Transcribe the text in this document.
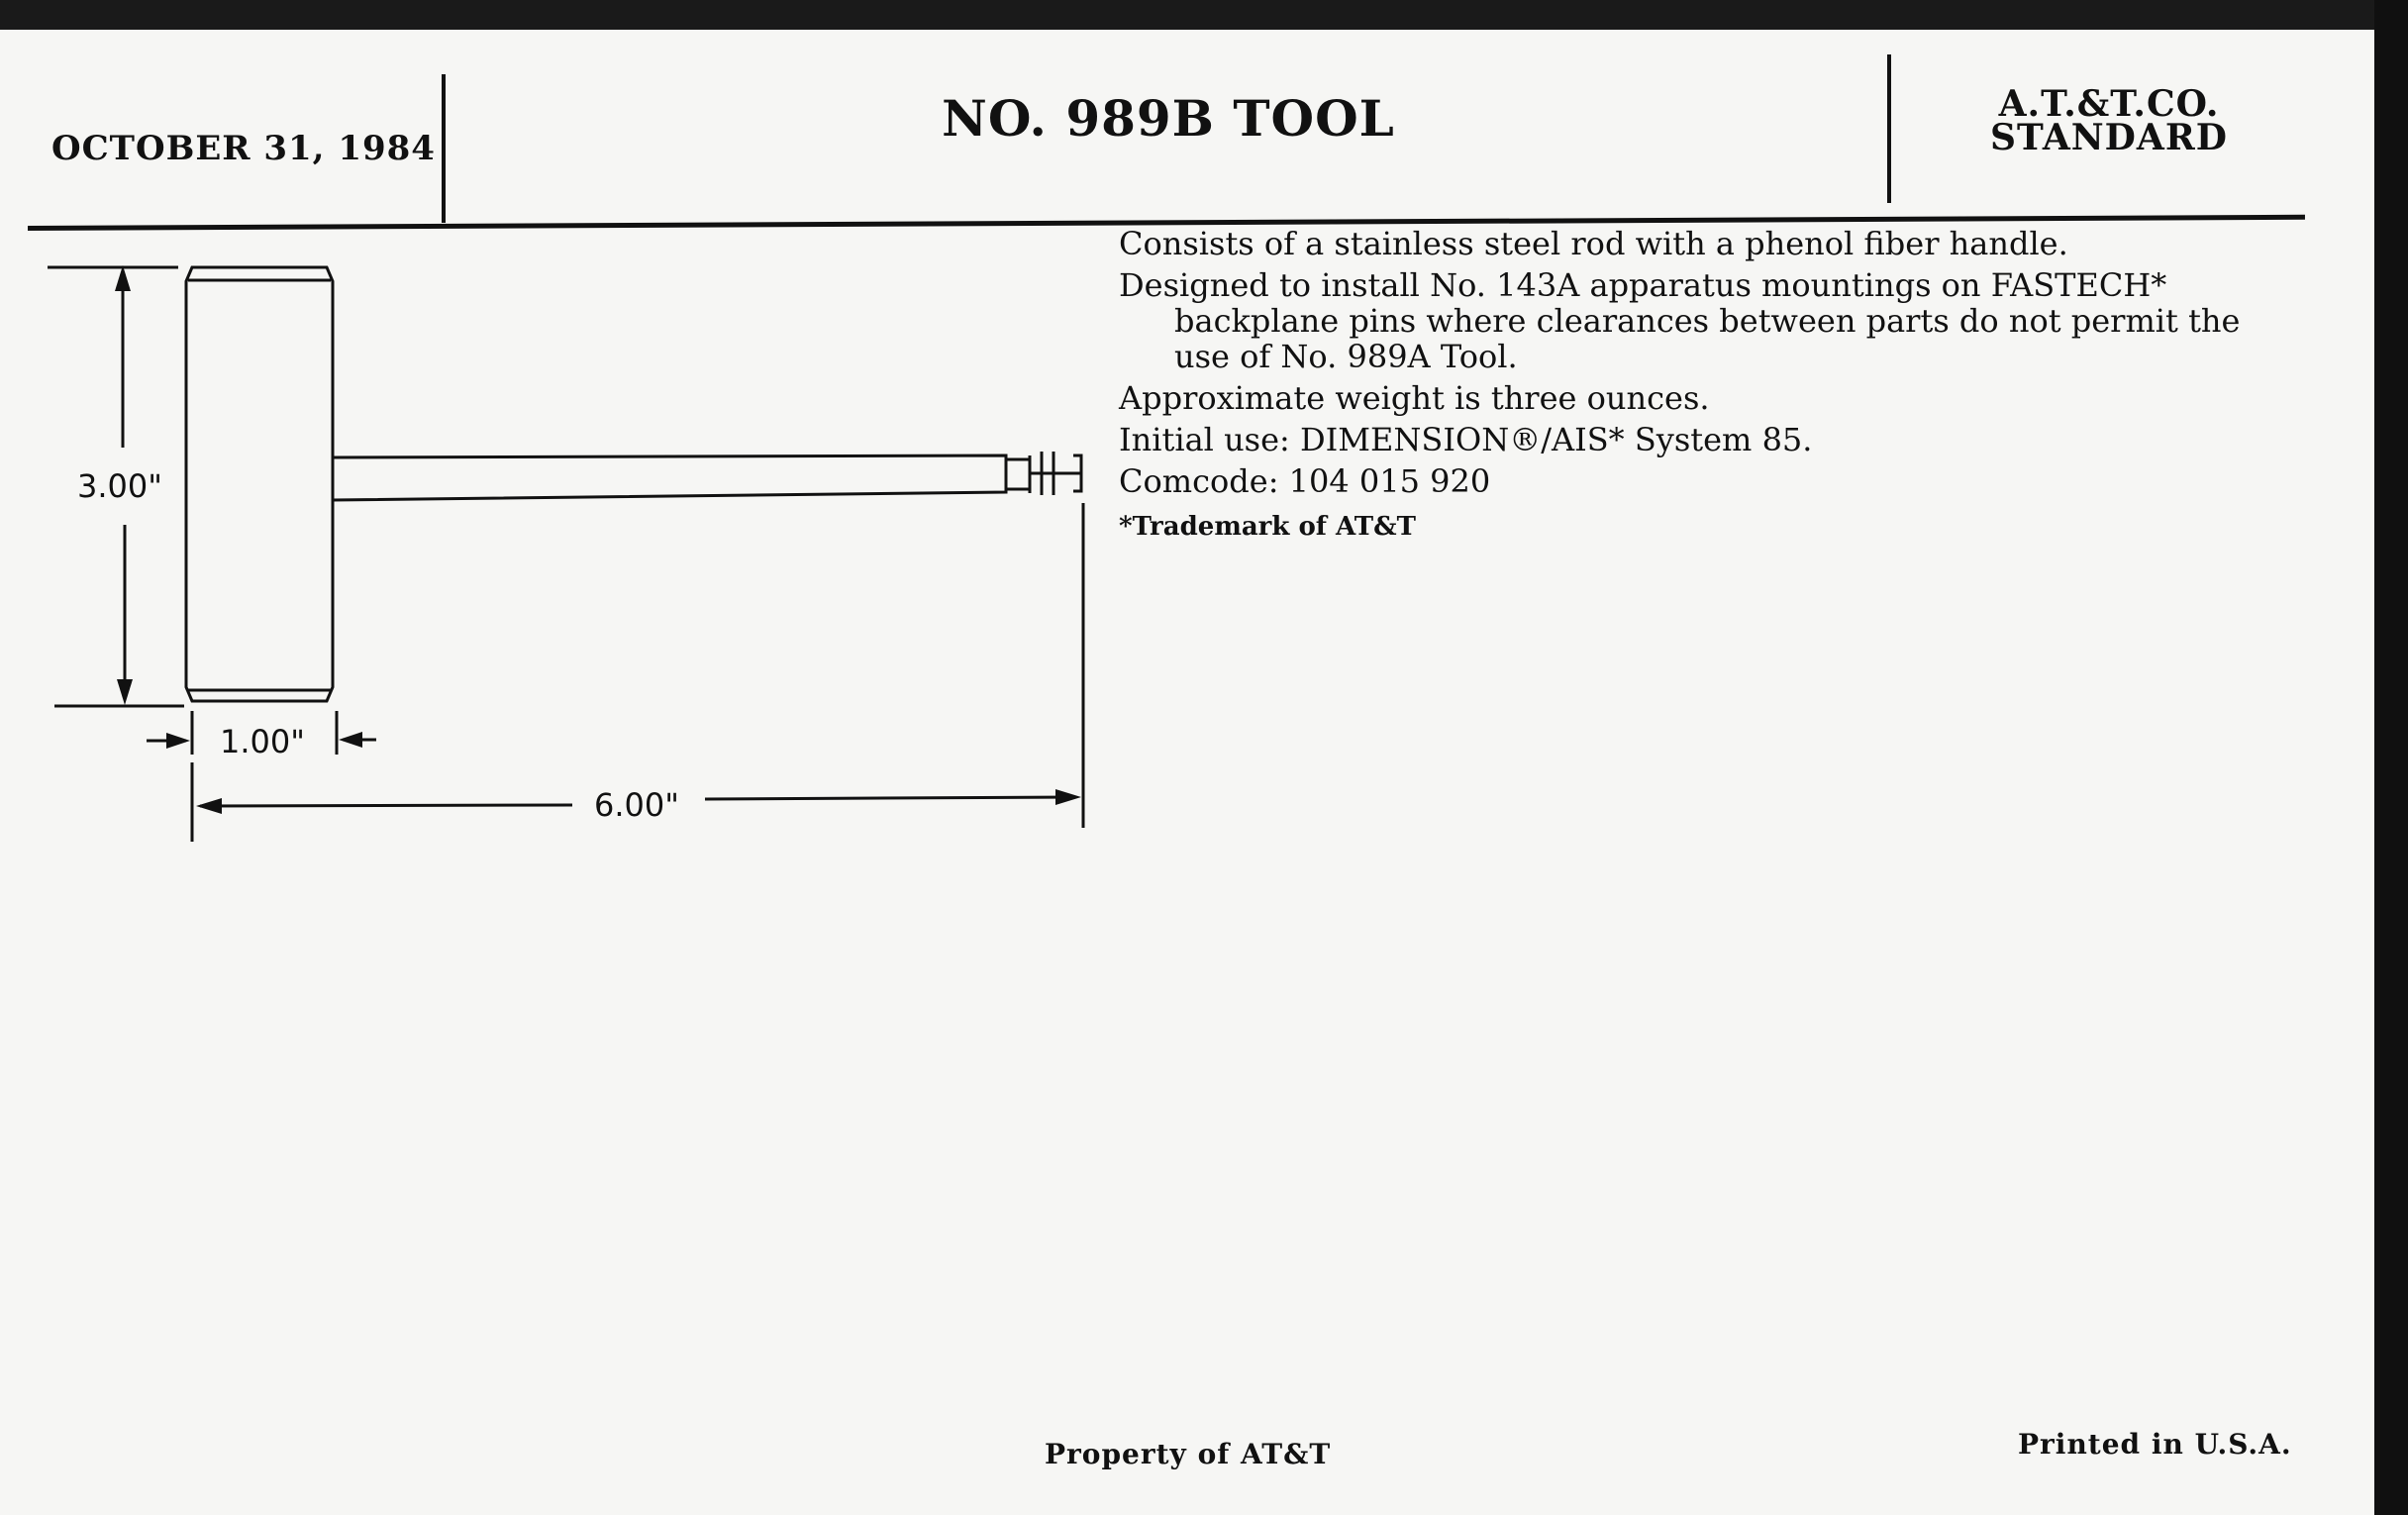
OCTOBER 31, 1984
NO. 989B TOOL	A.T.&T.CO.
STANDARD
3.00"
1.00"
6.00"

Consists of a stainless steel rod with a phenol fiber handle.

Designed to install No. 143A apparatus mountings on FASTECH* backplane pins where clearances between parts do not permit the use of No. 989A Tool.

Approximate weight is three ounces.

Initial use: DIMENSION®/AIS* System 85.

Comcode: 104 015 920

*Trademark of AT&T

Property of AT&T	Printed in U.S.A.
